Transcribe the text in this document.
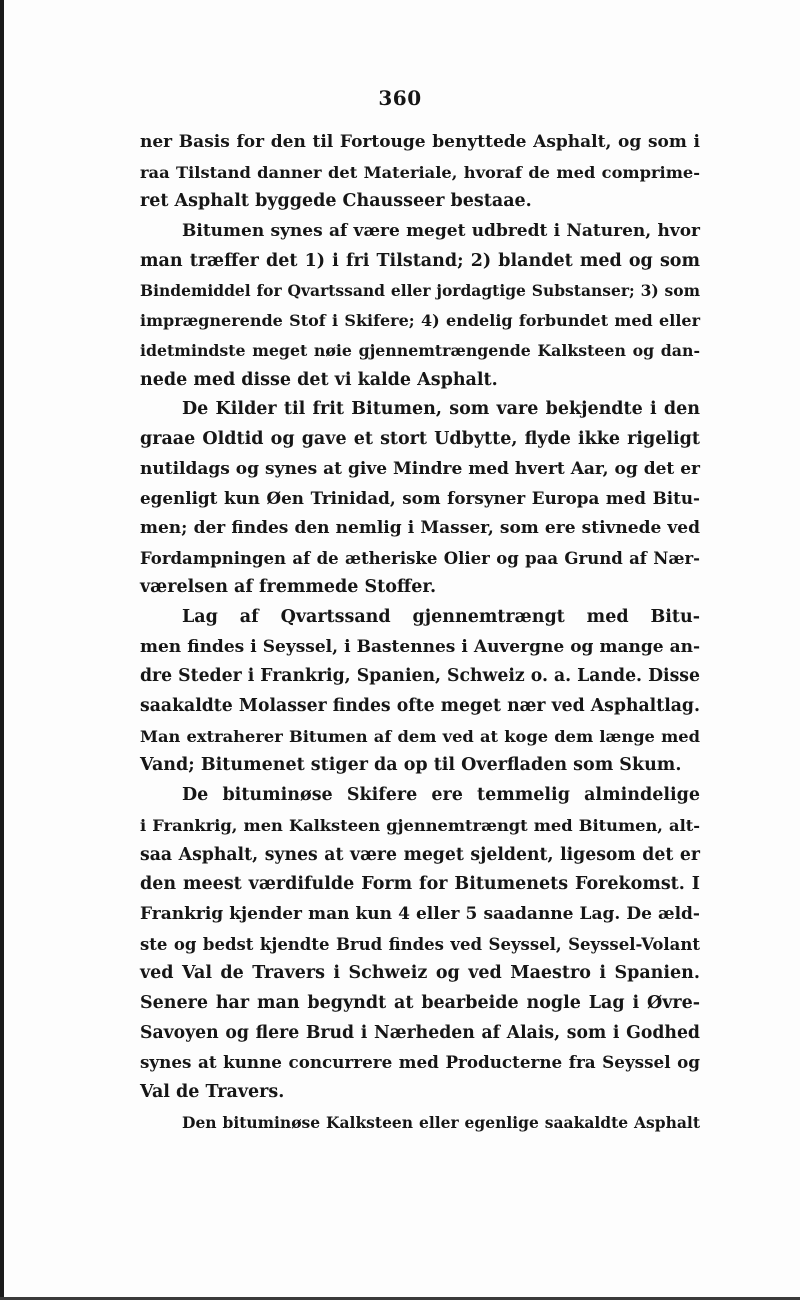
360
ner Basis for den til Fortouge benyttede Asphalt, og som i
raa Tilstand danner det Materiale, hvoraf de med comprime-
ret Asphalt byggede Chausseer bestaae.
Bitumen synes af være meget udbredt i Naturen, hvor
man træffer det 1) i fri Tilstand; 2) blandet med og som
Bindemiddel for Qvartssand eller jordagtige Substanser; 3) som
imprægnerende Stof i Skifere; 4) endelig forbundet med eller
idetmindste meget nøie gjennemtrængende Kalksteen og dan-
nede med disse det vi kalde Asphalt.
De Kilder til frit Bitumen, som vare bekjendte i den
graae Oldtid og gave et stort Udbytte, flyde ikke rigeligt
nutildags og synes at give Mindre med hvert Aar, og det er
egenligt kun Øen Trinidad, som forsyner Europa med Bitu-
men; der findes den nemlig i Masser, som ere stivnede ved
Fordampningen af de ætheriske Olier og paa Grund af Nær-
værelsen af fremmede Stoffer.
Lag af Qvartssand gjennemtrængt med Bitu-
men findes i Seyssel, i Bastennes i Auvergne og mange an-
dre Steder i Frankrig, Spanien, Schweiz o. a. Lande. Disse
saakaldte Molasser findes ofte meget nær ved Asphaltlag.
Man extraherer Bitumen af dem ved at koge dem længe med
Vand; Bitumenet stiger da op til Overfladen som Skum.
De bituminøse Skifere ere temmelig almindelige
i Frankrig, men Kalksteen gjennemtrængt med Bitumen, alt-
saa Asphalt, synes at være meget sjeldent, ligesom det er
den meest værdifulde Form for Bitumenets Forekomst. I
Frankrig kjender man kun 4 eller 5 saadanne Lag. De æld-
ste og bedst kjendte Brud findes ved Seyssel, Seyssel-Volant
ved Val de Travers i Schweiz og ved Maestro i Spanien.
Senere har man begyndt at bearbeide nogle Lag i Øvre-
Savoyen og flere Brud i Nærheden af Alais, som i Godhed
synes at kunne concurrere med Producterne fra Seyssel og
Val de Travers.
Den bituminøse Kalksteen eller egenlige saakaldte Asphalt
